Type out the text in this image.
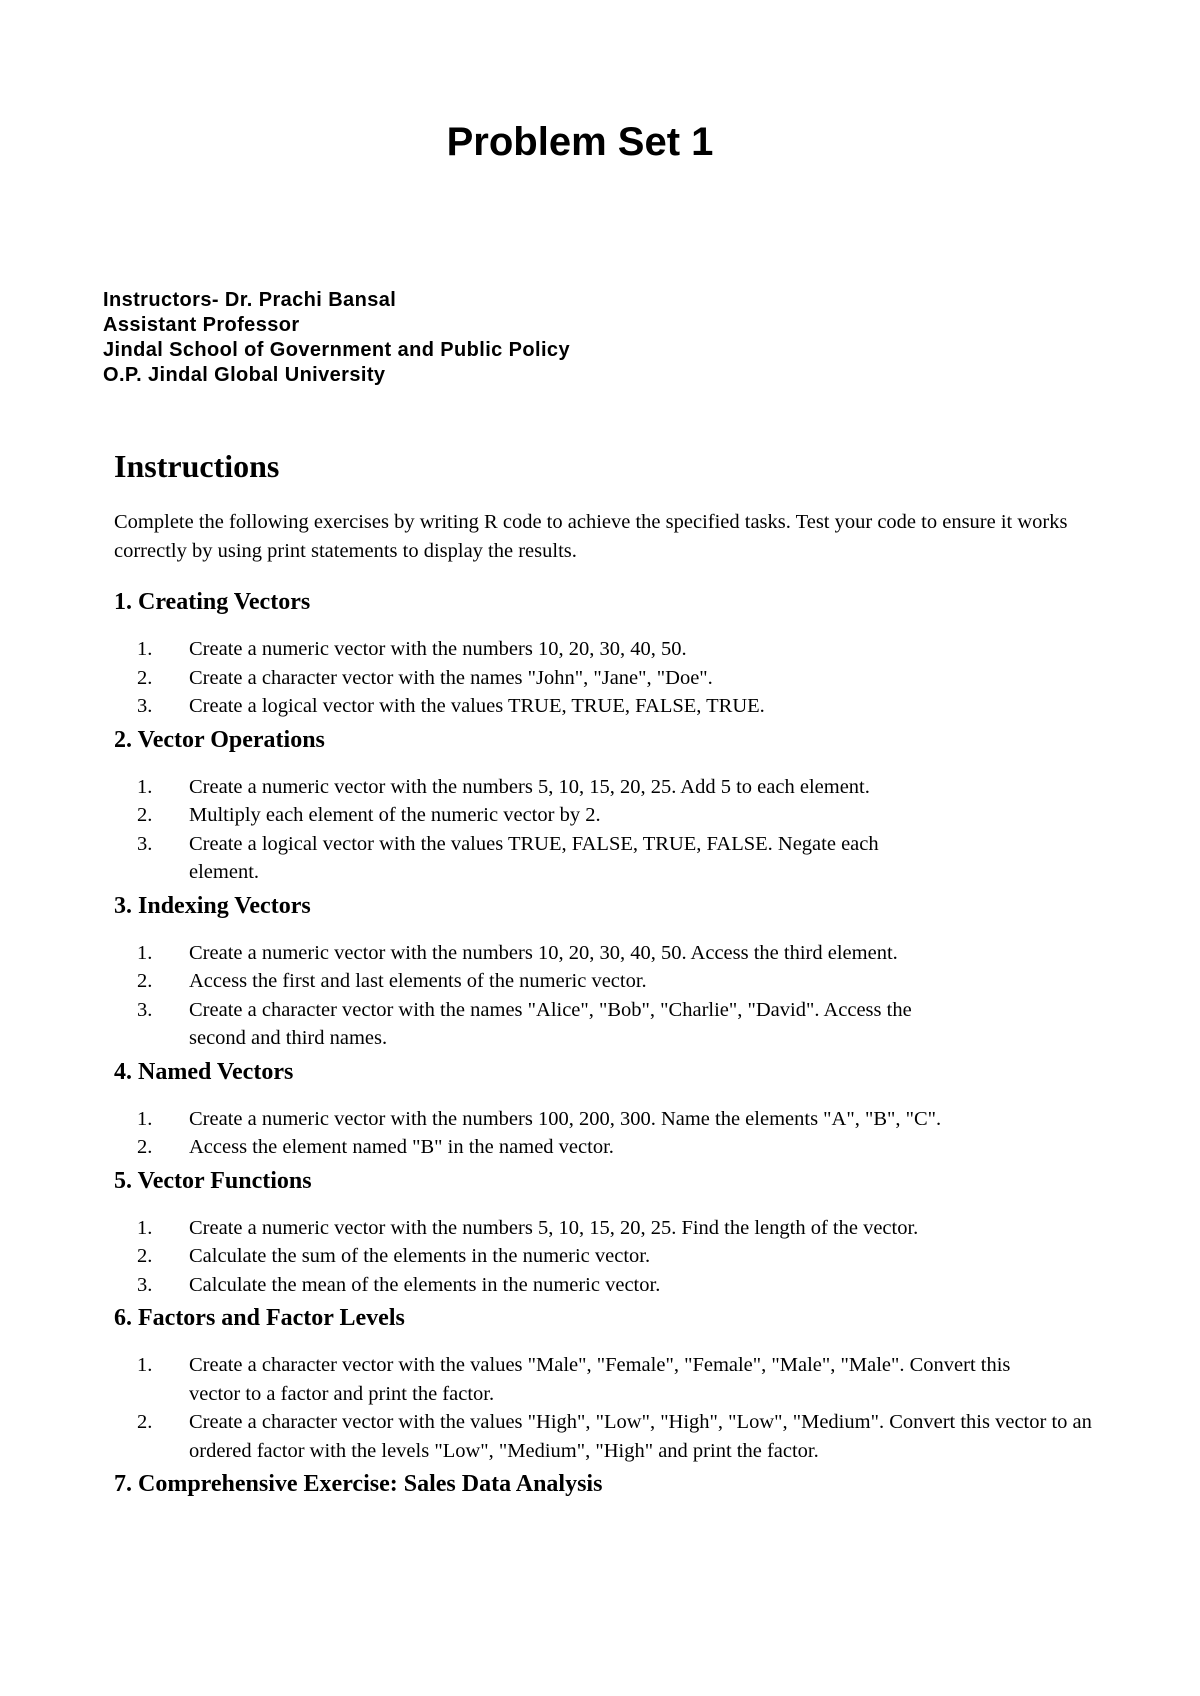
Problem Set 1
Instructors- Dr. Prachi Bansal
Assistant Professor
Jindal School of Government and Public Policy
O.P. Jindal Global University
Instructions
Complete the following exercises by writing R code to achieve the specified tasks. Test your code to ensure it works correctly by using print statements to display the results.
1. Creating Vectors
1. Create a numeric vector with the numbers 10, 20, 30, 40, 50.
2. Create a character vector with the names "John", "Jane", "Doe".
3. Create a logical vector with the values TRUE, TRUE, FALSE, TRUE.
2. Vector Operations
1. Create a numeric vector with the numbers 5, 10, 15, 20, 25. Add 5 to each element.
2. Multiply each element of the numeric vector by 2.
3. Create a logical vector with the values TRUE, FALSE, TRUE, FALSE. Negate each element.
3. Indexing Vectors
1. Create a numeric vector with the numbers 10, 20, 30, 40, 50. Access the third element.
2. Access the first and last elements of the numeric vector.
3. Create a character vector with the names "Alice", "Bob", "Charlie", "David". Access the second and third names.
4. Named Vectors
1. Create a numeric vector with the numbers 100, 200, 300. Name the elements "A", "B", "C".
2. Access the element named "B" in the named vector.
5. Vector Functions
1. Create a numeric vector with the numbers 5, 10, 15, 20, 25. Find the length of the vector.
2. Calculate the sum of the elements in the numeric vector.
3. Calculate the mean of the elements in the numeric vector.
6. Factors and Factor Levels
1. Create a character vector with the values "Male", "Female", "Female", "Male", "Male". Convert this vector to a factor and print the factor.
2. Create a character vector with the values "High", "Low", "High", "Low", "Medium". Convert this vector to an ordered factor with the levels "Low", "Medium", "High" and print the factor.
7. Comprehensive Exercise: Sales Data Analysis
